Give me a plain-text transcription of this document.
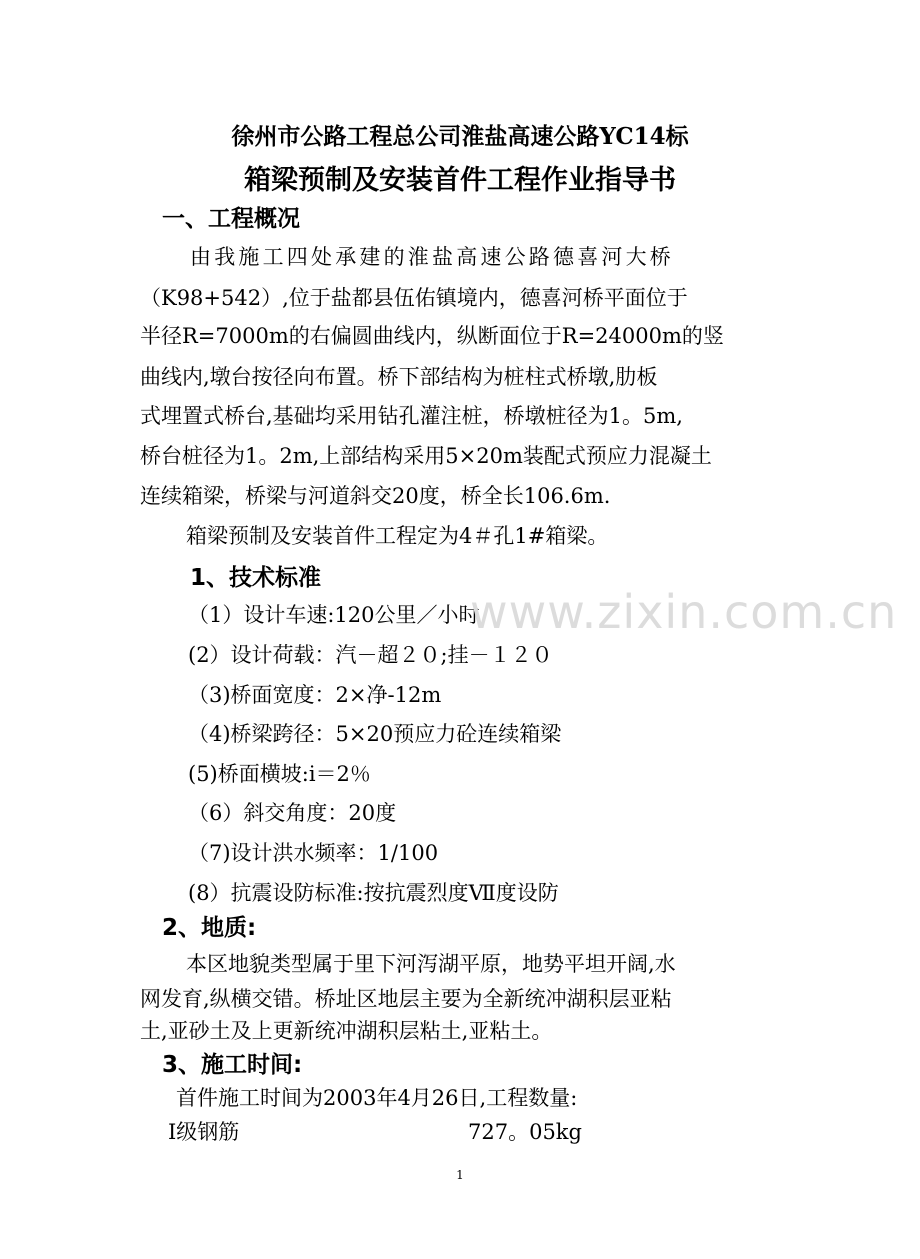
徐州市公路工程总公司淮盐高速公路YC14标
箱梁预制及安装首件工程作业指导书
一、工程概况
由我施工四处承建的淮盐高速公路德喜河大桥
（K98+542）,位于盐都县伍佑镇境内，德喜河桥平面位于
半径R=7000m的右偏圆曲线内，纵断面位于R=24000m的竖
曲线内,墩台按径向布置。桥下部结构为桩柱式桥墩,肋板
式埋置式桥台,基础均采用钻孔灌注桩，桥墩桩径为1。5m,
桥台桩径为1。2m,上部结构采用5×20m装配式预应力混凝土
连续箱梁，桥梁与河道斜交20度，桥全长106.6m.
箱梁预制及安装首件工程定为4＃孔1#箱梁。
1、技术标准
（1）设计车速:120公里／小时,
(2）设计荷载：汽－超２０;挂－１２０
（3)桥面宽度：2×净-12m
（4)桥梁跨径：5×20预应力砼连续箱梁
(5)桥面横坡:i＝2％
（6）斜交角度：20度
（7)设计洪水频率：1/100
(8）抗震设防标准:按抗震烈度Ⅶ度设防
2、地质:
本区地貌类型属于里下河泻湖平原，地势平坦开阔,水
网发育,纵横交错。桥址区地层主要为全新统冲湖积层亚粘
土,亚砂土及上更新统冲湖积层粘土,亚粘土。
3、施工时间:
首件施工时间为2003年4月26日,工程数量:
Ⅰ级钢筋	727。05kg
www.zixin.com.cn
1
